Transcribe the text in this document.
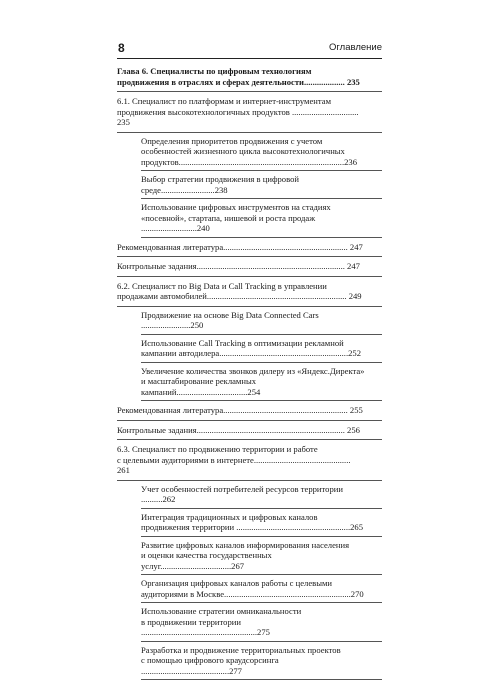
8	Оглавление
Глава 6. Специалисты по цифровым технологиям
продвижения в отраслях и сферах деятельности................... 235
6.1. Специалист по платформам и интернет-инструментам
продвижения высокотехнологичных продуктов ............................... 235
Определения приоритетов продвижения с учетом
особенностей жизненного цикла высокотехнологичных
продуктов.............................................................................236
Выбор стратегии продвижения в цифровой среде.........................238
Использование цифровых инструментов на стадиях
«посевной», стартапа, нишевой и роста продаж ..........................240
Рекомендованная литература.......................................................... 247
Контрольные задания..................................................................... 247
6.2. Специалист по Big Data и Call Tracking в управлении
продажами автомобилей................................................................. 249
Продвижение на основе Big Data Connected Cars .......................250
Использование Call Tracking в оптимизации рекламной
кампании автодилера............................................................252
Увеличение количества звонков дилеру из «Яндекс.Директа»
и масштабирование рекламных кампаний.................................254
Рекомендованная литература.......................................................... 255
Контрольные задания..................................................................... 256
6.3. Специалист по продвижению территории и работе
с целевыми аудиториями в интернете............................................. 261
Учет особенностей потребителей ресурсов территории ..........262
Интеграция традиционных и цифровых каналов
продвижения территории .....................................................265
Развитие цифровых каналов информирования населения
и оценки качества государственных услуг.................................267
Организация цифровых каналов работы с целевыми
аудиториями в Москве...........................................................270
Использование стратегии омниканальности
в продвижении территории ......................................................275
Разработка и продвижение территориальных проектов
с помощью цифрового краудсорсинга .........................................277
